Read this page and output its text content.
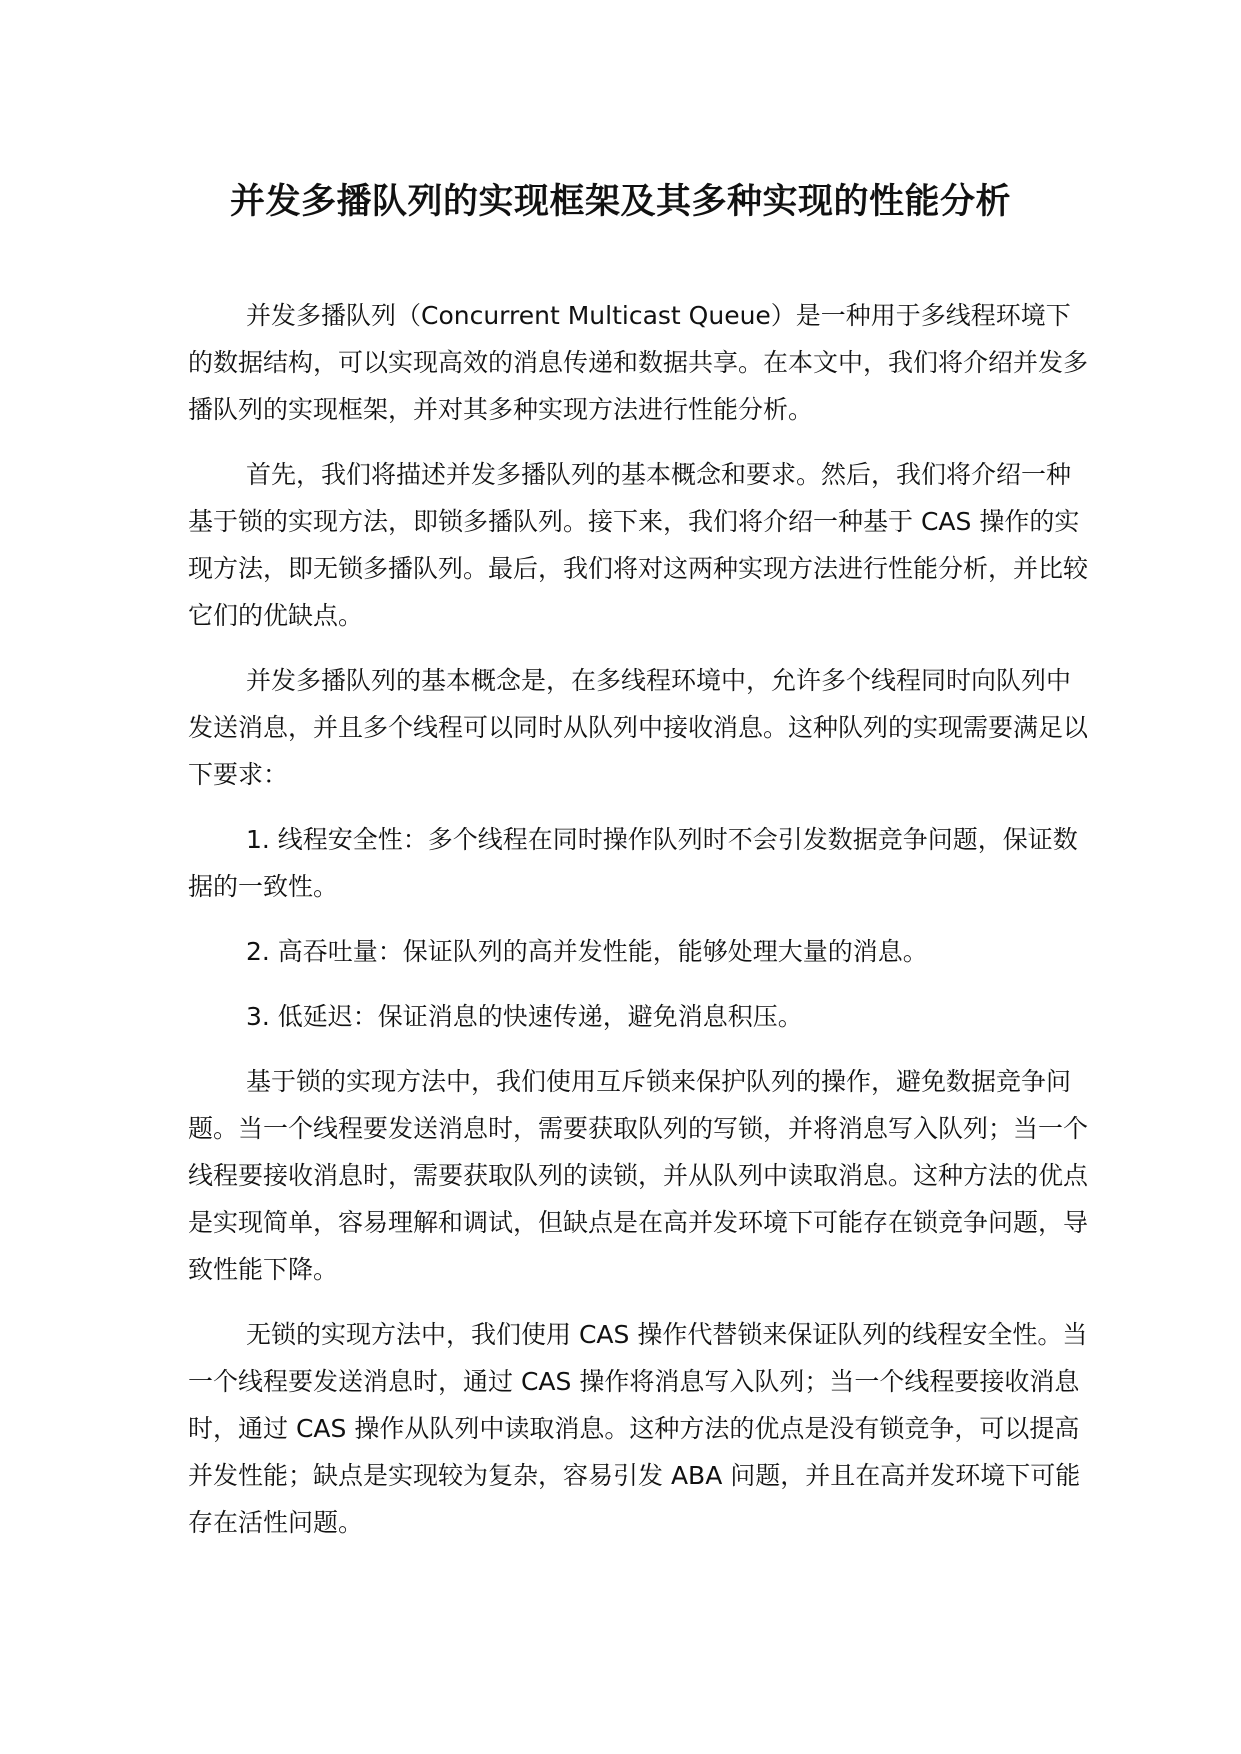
并发多播队列的实现框架及其多种实现的性能分析

并发多播队列（Concurrent Multicast Queue）是一种用于多线程环境下的数据结构，可以实现高效的消息传递和数据共享。在本文中，我们将介绍并发多播队列的实现框架，并对其多种实现方法进行性能分析。

首先，我们将描述并发多播队列的基本概念和要求。然后，我们将介绍一种基于锁的实现方法，即锁多播队列。接下来，我们将介绍一种基于 CAS 操作的实现方法，即无锁多播队列。最后，我们将对这两种实现方法进行性能分析，并比较它们的优缺点。

并发多播队列的基本概念是，在多线程环境中，允许多个线程同时向队列中发送消息，并且多个线程可以同时从队列中接收消息。这种队列的实现需要满足以下要求：

1. 线程安全性：多个线程在同时操作队列时不会引发数据竞争问题，保证数据的一致性。

2. 高吞吐量：保证队列的高并发性能，能够处理大量的消息。

3. 低延迟：保证消息的快速传递，避免消息积压。

基于锁的实现方法中，我们使用互斥锁来保护队列的操作，避免数据竞争问题。当一个线程要发送消息时，需要获取队列的写锁，并将消息写入队列；当一个线程要接收消息时，需要获取队列的读锁，并从队列中读取消息。这种方法的优点是实现简单，容易理解和调试，但缺点是在高并发环境下可能存在锁竞争问题，导致性能下降。

无锁的实现方法中，我们使用 CAS 操作代替锁来保证队列的线程安全性。当一个线程要发送消息时，通过 CAS 操作将消息写入队列；当一个线程要接收消息时，通过 CAS 操作从队列中读取消息。这种方法的优点是没有锁竞争，可以提高并发性能；缺点是实现较为复杂，容易引发 ABA 问题，并且在高并发环境下可能存在活性问题。
